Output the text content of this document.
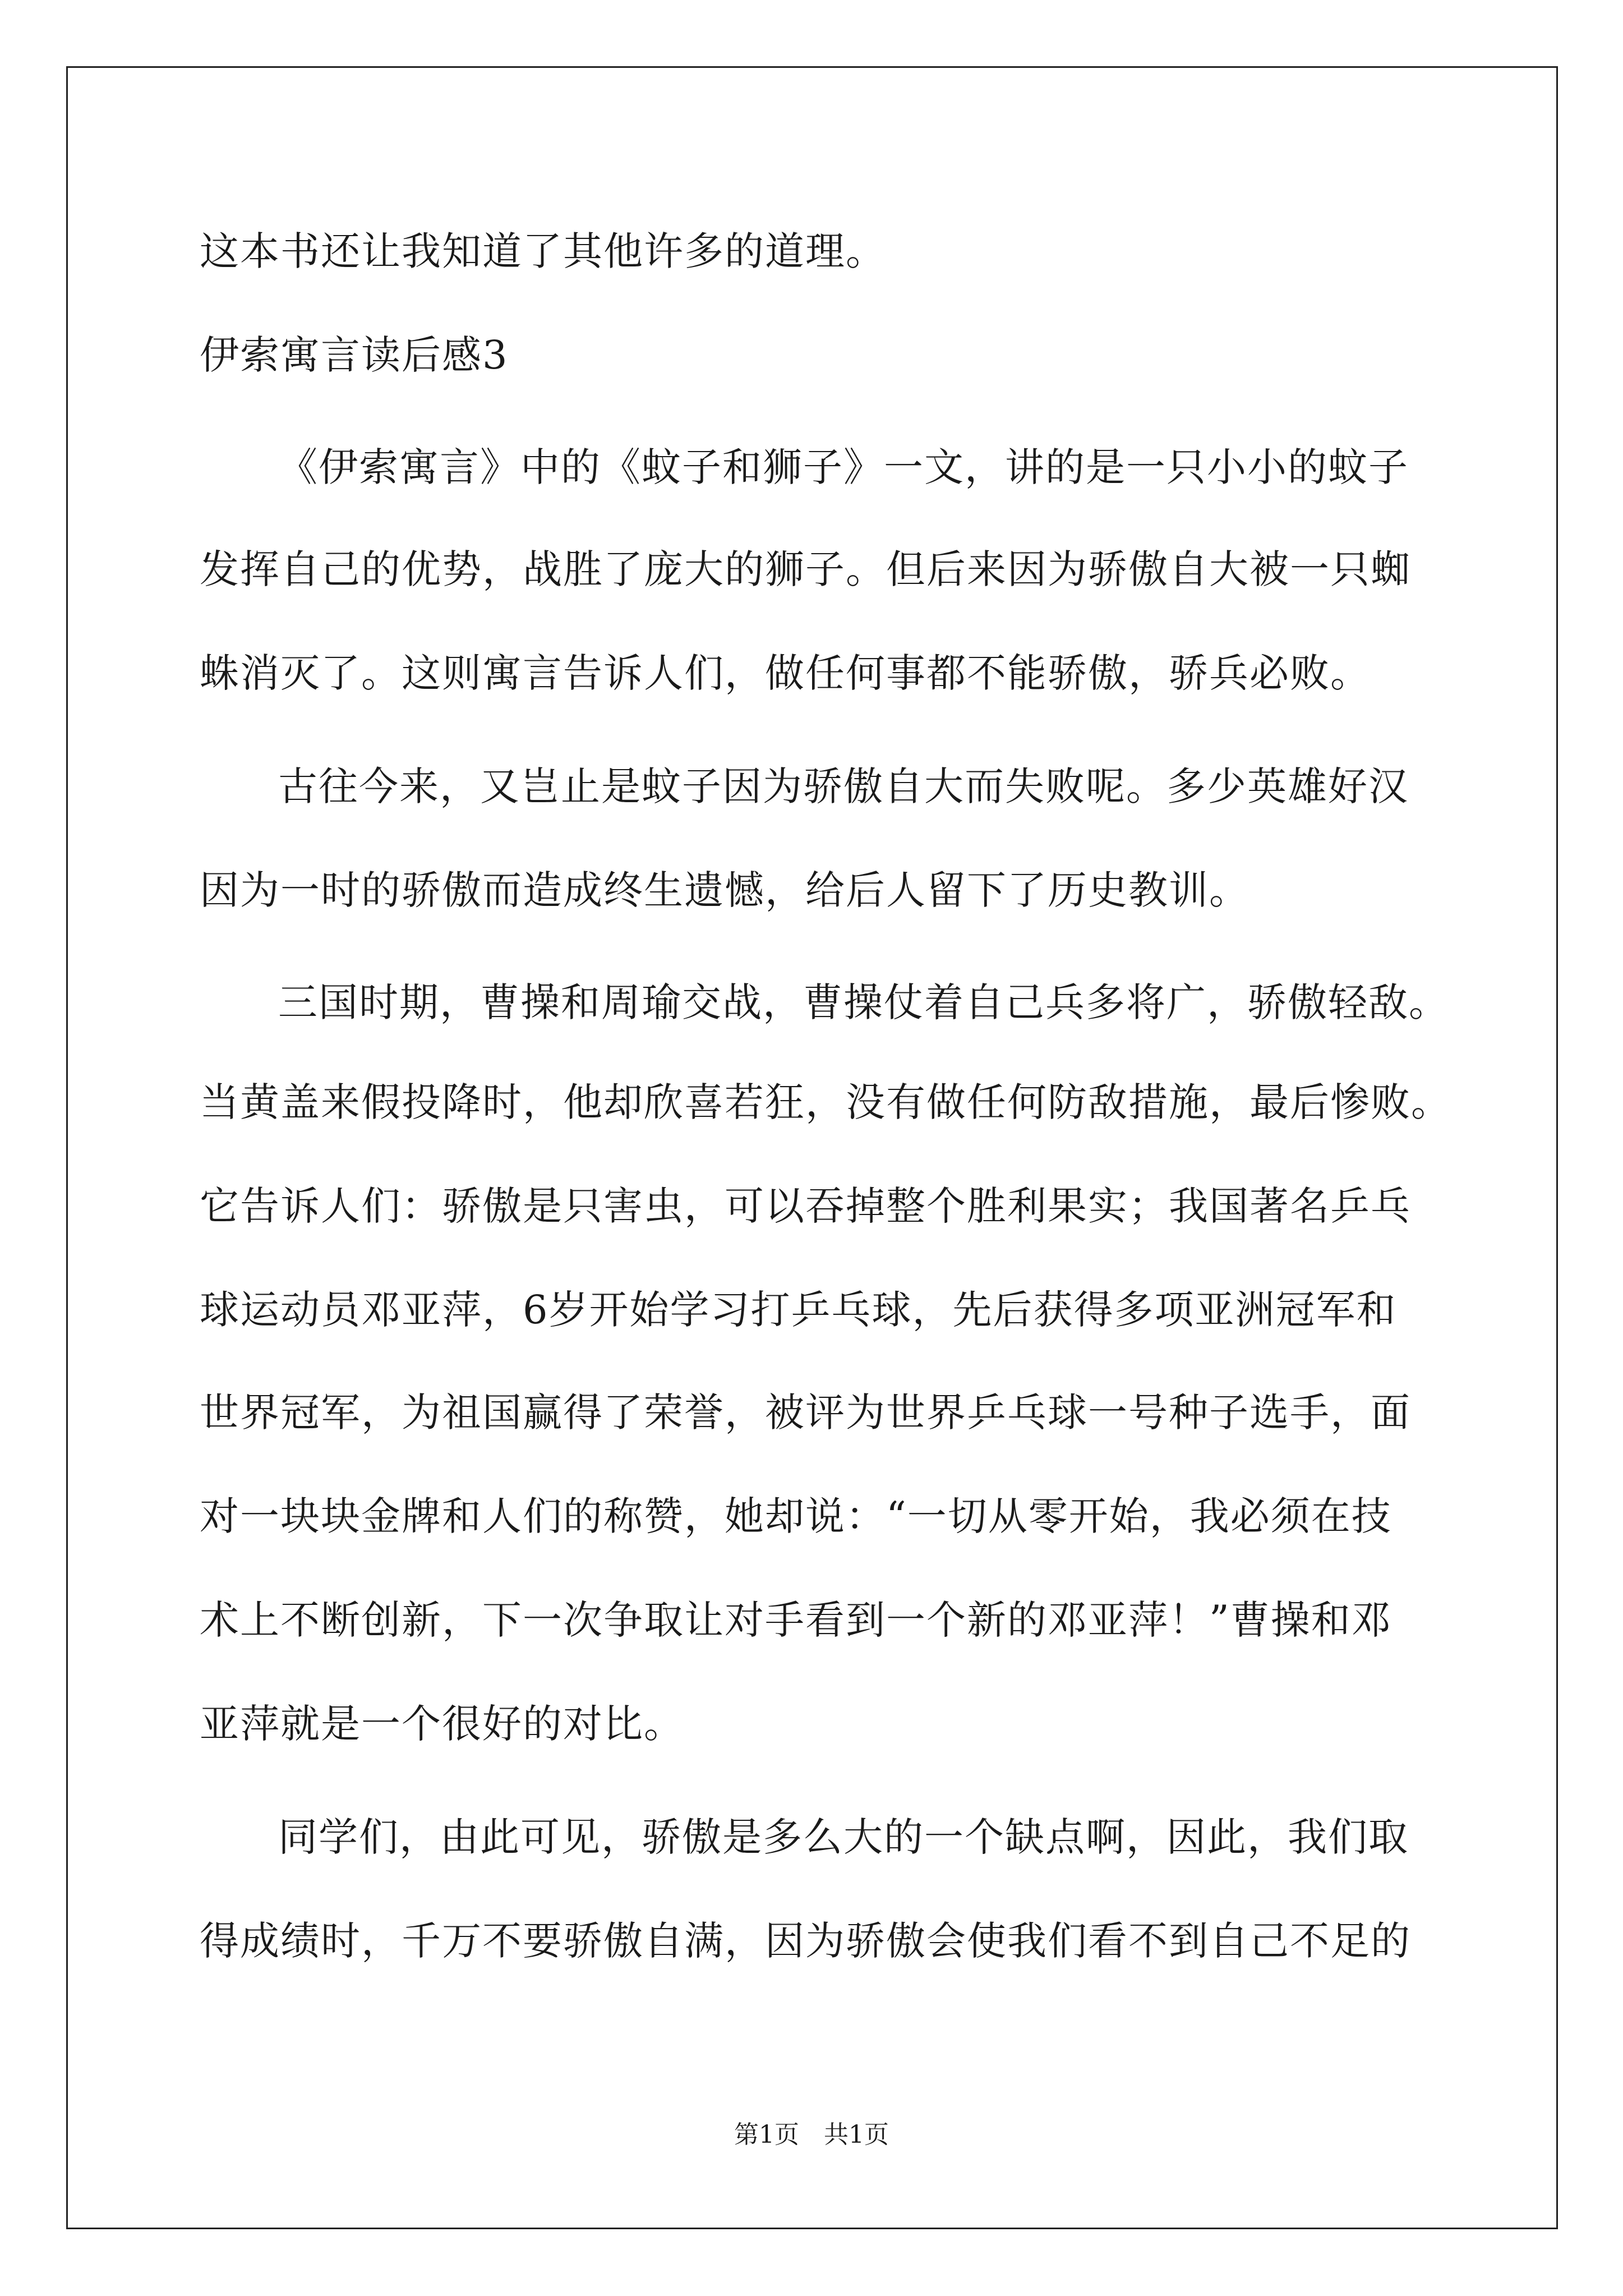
这本书还让我知道了其他许多的道理。
伊索寓言读后感3
《伊索寓言》中的《蚊子和狮子》一文，讲的是一只小小的蚊子
发挥自己的优势，战胜了庞大的狮子。但后来因为骄傲自大被一只蜘
蛛消灭了。这则寓言告诉人们，做任何事都不能骄傲，骄兵必败。
古往今来，又岂止是蚊子因为骄傲自大而失败呢。多少英雄好汉
因为一时的骄傲而造成终生遗憾，给后人留下了历史教训。
三国时期，曹操和周瑜交战，曹操仗着自己兵多将广，骄傲轻敌。
当黄盖来假投降时，他却欣喜若狂，没有做任何防敌措施，最后惨败。
它告诉人们：骄傲是只害虫，可以吞掉整个胜利果实；我国著名乒乓
球运动员邓亚萍，6岁开始学习打乒乓球，先后获得多项亚洲冠军和
世界冠军，为祖国赢得了荣誉，被评为世界乒乓球一号种子选手，面
对一块块金牌和人们的称赞，她却说：“一切从零开始，我必须在技
术上不断创新，下一次争取让对手看到一个新的邓亚萍！”曹操和邓
亚萍就是一个很好的对比。
同学们，由此可见，骄傲是多么大的一个缺点啊，因此，我们取
得成绩时，千万不要骄傲自满，因为骄傲会使我们看不到自己不足的
第1页　共1页
